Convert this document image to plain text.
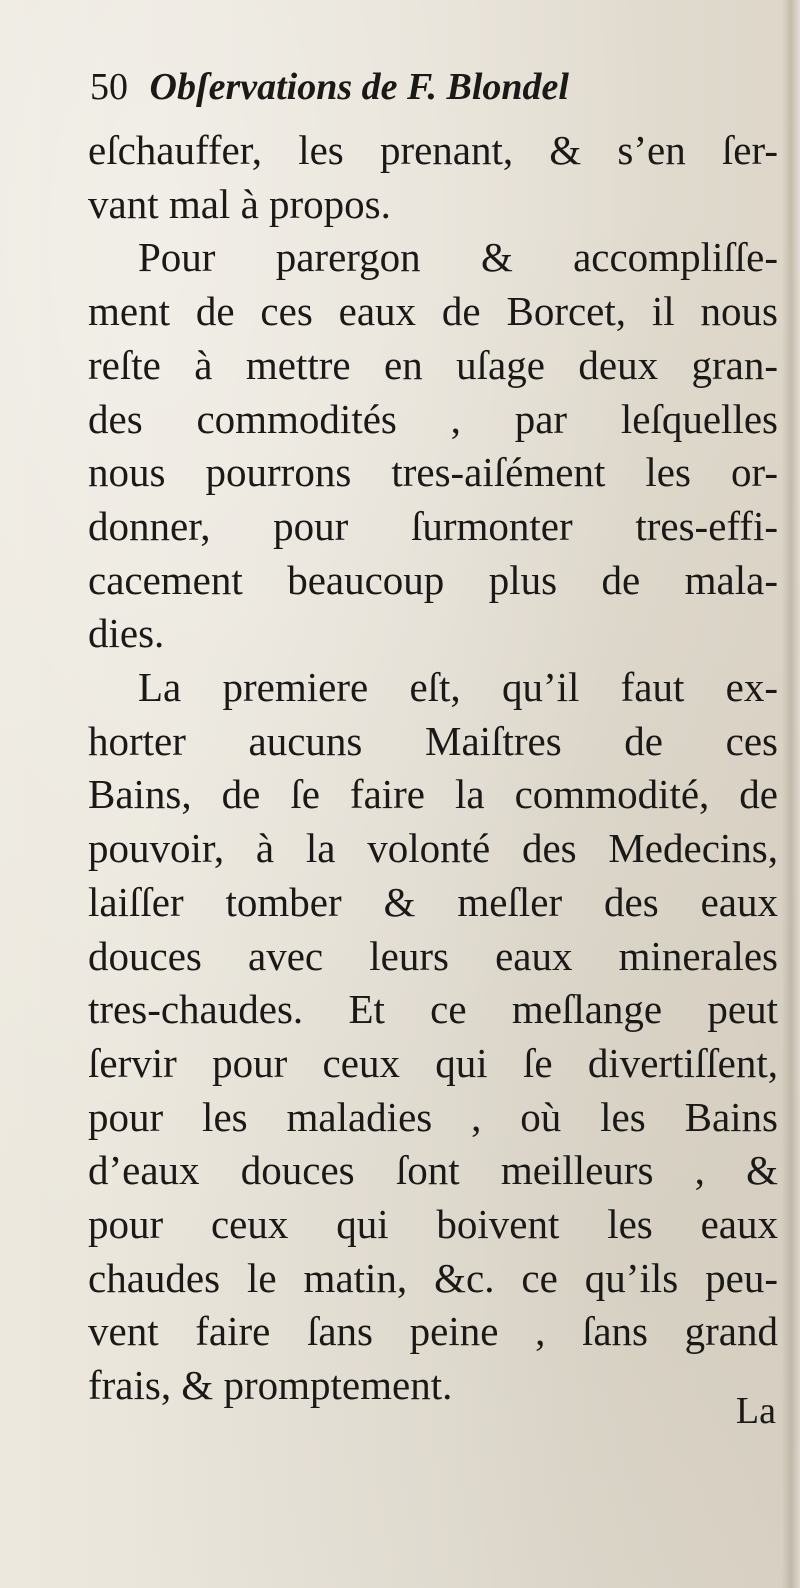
50 Obſervations de F. Blondel
eſchauffer, les prenant, & s’en ſer-
vant mal à propos.
Pour parergon & accompliſſe-
ment de ces eaux de Borcet, il nous
reſte à mettre en uſage deux gran-
des commodités , par leſquelles
nous pourrons tres-aiſément les or-
donner, pour ſurmonter tres-effi-
cacement beaucoup plus de mala-
dies.
La premiere eſt, qu’il faut ex-
horter aucuns Maiſtres de ces
Bains, de ſe faire la commodité, de
pouvoir, à la volonté des Medecins,
laiſſer tomber & meſler des eaux
douces avec leurs eaux minerales
tres-chaudes. Et ce meſlange peut
ſervir pour ceux qui ſe divertiſſent,
pour les maladies , où les Bains
d’eaux douces ſont meilleurs , &
pour ceux qui boivent les eaux
chaudes le matin, &c. ce qu’ils peu-
vent faire ſans peine , ſans grand
frais, & promptement.
La
